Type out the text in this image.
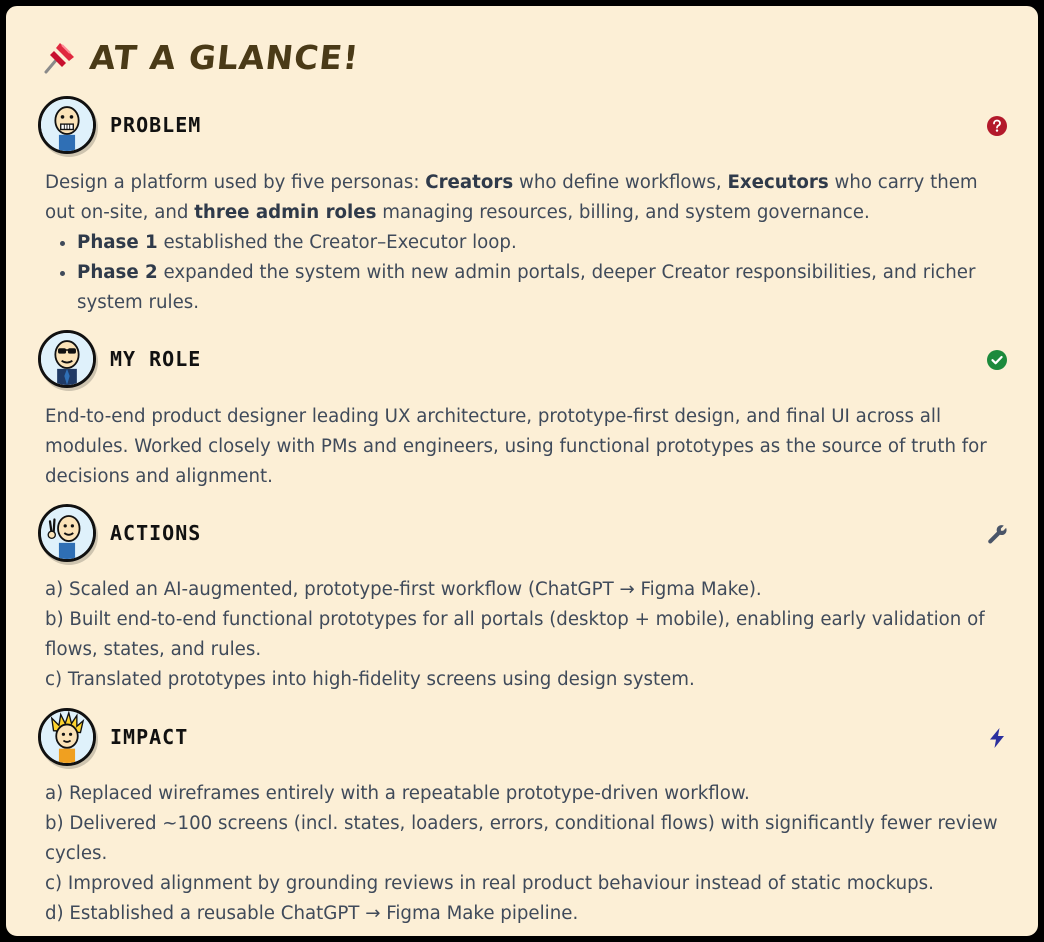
AT A GLANCE!
PROBLEM

Design a platform used by five personas: Creators who define workflows, Executors who carry them out on-site, and three admin roles managing resources, billing, and system governance.

• Phase 1 established the Creator–Executor loop.
• Phase 2 expanded the system with new admin portals, deeper Creator responsibilities, and richer system rules.
MY ROLE

End-to-end product designer leading UX architecture, prototype-first design, and final UI across all modules. Worked closely with PMs and engineers, using functional prototypes as the source of truth for decisions and alignment.

ACTIONS

a) Scaled an AI-augmented, prototype-first workflow (ChatGPT → Figma Make).

b) Built end-to-end functional prototypes for all portals (desktop + mobile), enabling early validation of flows, states, and rules.

c) Translated prototypes into high-fidelity screens using design system.

IMPACT

a) Replaced wireframes entirely with a repeatable prototype-driven workflow.

b) Delivered ~100 screens (incl. states, loaders, errors, conditional flows) with significantly fewer review cycles.

c) Improved alignment by grounding reviews in real product behaviour instead of static mockups.

d) Established a reusable ChatGPT → Figma Make pipeline.
